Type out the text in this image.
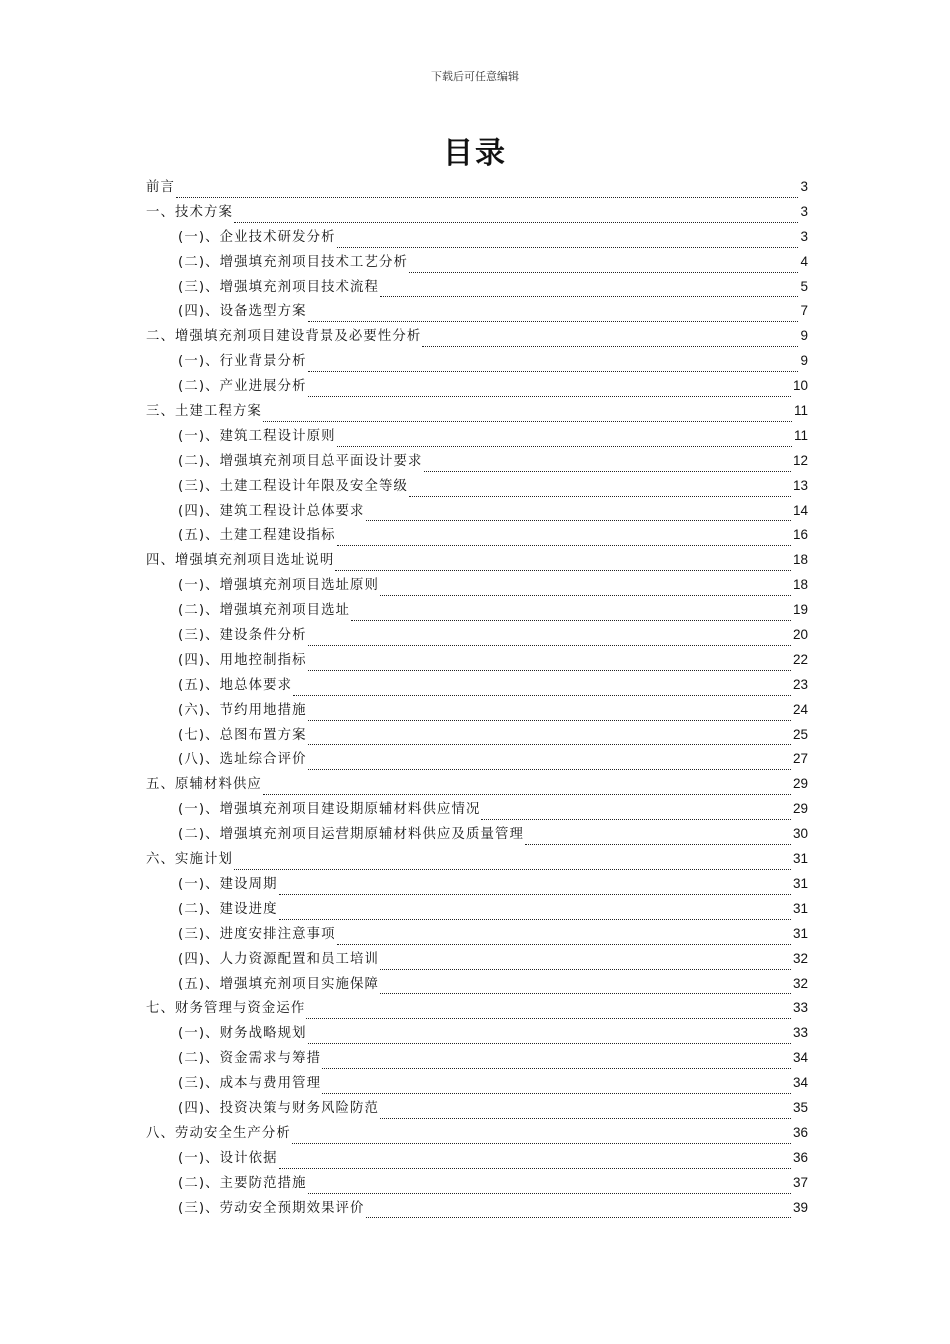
下载后可任意编辑
目录
前言	3
一、技术方案	3
(一)、企业技术研发分析	3
(二)、增强填充剂项目技术工艺分析	4
(三)、增强填充剂项目技术流程	5
(四)、设备选型方案	7
二、增强填充剂项目建设背景及必要性分析	9
(一)、行业背景分析	9
(二)、产业进展分析	10
三、土建工程方案	11
(一)、建筑工程设计原则	11
(二)、增强填充剂项目总平面设计要求	12
(三)、土建工程设计年限及安全等级	13
(四)、建筑工程设计总体要求	14
(五)、土建工程建设指标	16
四、增强填充剂项目选址说明	18
(一)、增强填充剂项目选址原则	18
(二)、增强填充剂项目选址	19
(三)、建设条件分析	20
(四)、用地控制指标	22
(五)、地总体要求	23
(六)、节约用地措施	24
(七)、总图布置方案	25
(八)、选址综合评价	27
五、原辅材料供应	29
(一)、增强填充剂项目建设期原辅材料供应情况	29
(二)、增强填充剂项目运营期原辅材料供应及质量管理	30
六、实施计划	31
(一)、建设周期	31
(二)、建设进度	31
(三)、进度安排注意事项	31
(四)、人力资源配置和员工培训	32
(五)、增强填充剂项目实施保障	32
七、财务管理与资金运作	33
(一)、财务战略规划	33
(二)、资金需求与筹措	34
(三)、成本与费用管理	34
(四)、投资决策与财务风险防范	35
八、劳动安全生产分析	36
(一)、设计依据	36
(二)、主要防范措施	37
(三)、劳动安全预期效果评价	39
